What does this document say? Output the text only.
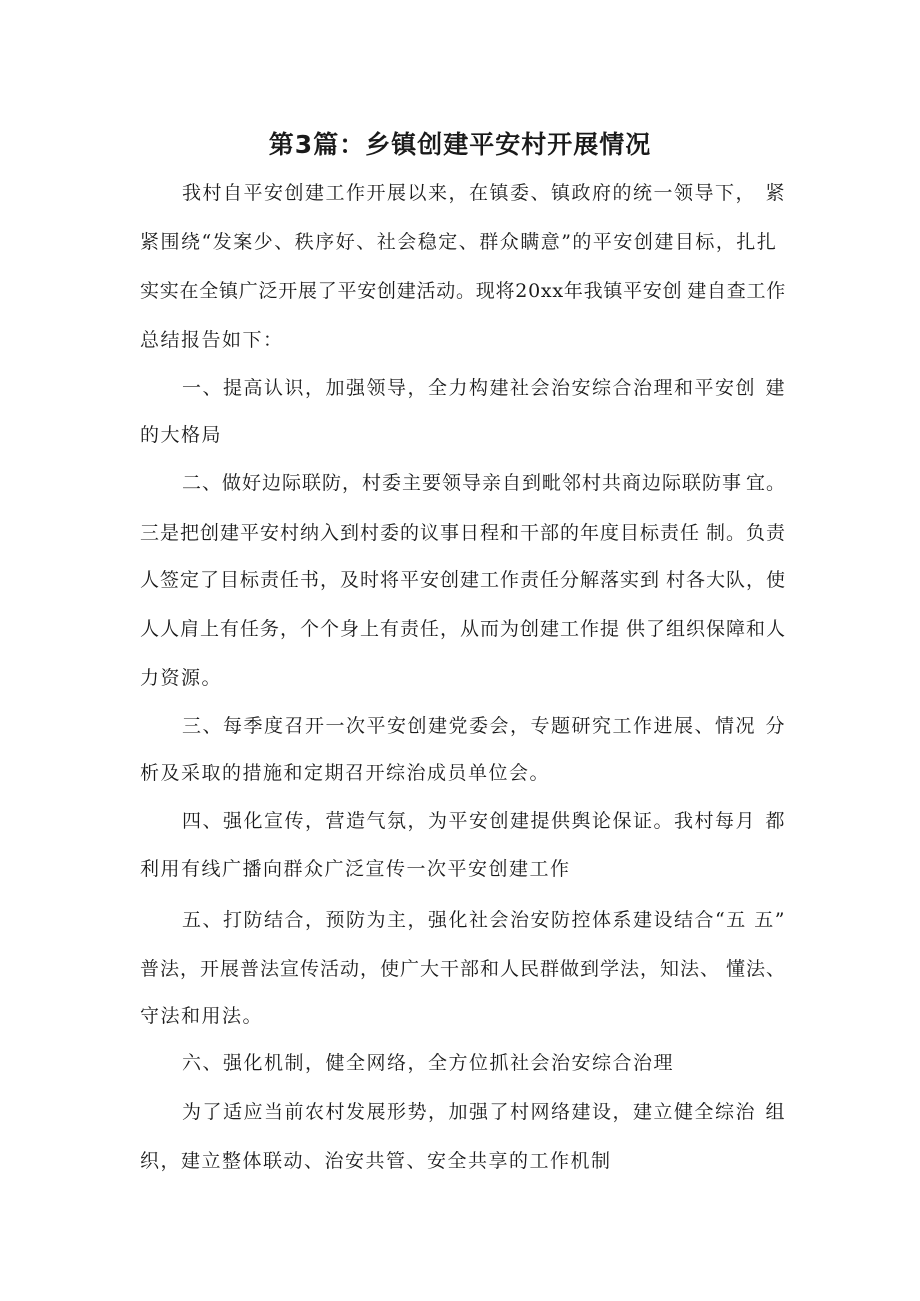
第3篇：乡镇创建平安村开展情况
我村自平安创建工作开展以来，在镇委、镇政府的统一领导下， 紧
紧围绕“发案少、秩序好、社会稳定、群众瞒意”的平安创建目标，扎扎
实实在全镇广泛开展了平安创建活动。现将20xx年我镇平安创 建自查工作
总结报告如下：
一、提高认识，加强领导，全力构建社会治安综合治理和平安创 建
的大格局
二、做好边际联防，村委主要领导亲自到毗邻村共商边际联防事 宜。
三是把创建平安村纳入到村委的议事日程和干部的年度目标责任 制。负责
人签定了目标责任书，及时将平安创建工作责任分解落实到 村各大队，使
人人肩上有任务，个个身上有责任，从而为创建工作提 供了组织保障和人
力资源。
三、每季度召开一次平安创建党委会，专题研究工作进展、情况 分
析及采取的措施和定期召开综治成员单位会。
四、强化宣传，营造气氛，为平安创建提供舆论保证。我村每月 都
利用有线广播向群众广泛宣传一次平安创建工作
五、打防结合，预防为主，强化社会治安防控体系建设结合“五 五”
普法，开展普法宣传活动，使广大干部和人民群做到学法，知法、 懂法、
守法和用法。
六、强化机制，健全网络，全方位抓社会治安综合治理
为了适应当前农村发展形势，加强了村网络建设，建立健全综治 组
织，建立整体联动、治安共管、安全共享的工作机制
